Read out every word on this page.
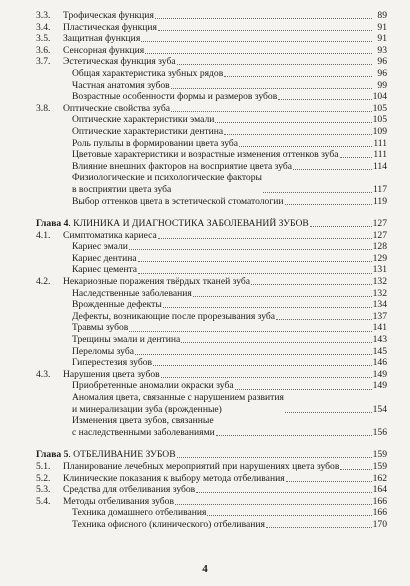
3.3.	Трофическая функция	89
3.4.	Пластическая функция	91
3.5.	Защитная функция	91
3.6.	Сенсорная функция	93
3.7.	Эстетическая функция зуба	96
Общая характеристика зубных рядов	96
Частная анатомия зубов	99
Возрастные особенности формы и размеров зубов	104
3.8.	Оптические свойства зуба	105
Оптические характеристики эмали	105
Оптические характеристики дентина	109
Роль пульпы в формировании цвета зуба	111
Цветовые характеристики и возрастные изменения оттенков зуба	111
Влияние внешних факторов на восприятие цвета зуба	114
Физиологические и психологические факторы
в восприятии цвета зуба	117
Выбор оттенков цвета в эстетической стоматологии	119
Глава 4. КЛИНИКА И ДИАГНОСТИКА ЗАБОЛЕВАНИЙ ЗУБОВ	127
4.1.	Симптоматика кариеса	127
Кариес эмали	128
Кариес дентина	129
Кариес цемента	131
4.2.	Некариозные поражения твёрдых тканей зуба	132
Наследственные заболевания	132
Врожденные дефекты	134
Дефекты, возникающие после прорезывания зуба	137
Травмы зубов	141
Трещины эмали и дентина	143
Переломы зуба	145
Гиперестезия зубов	146
4.3.	Нарушения цвета зубов	149
Приобретенные аномалии окраски зуба	149
Аномалия цвета, связанные с нарушением развития
и минерализации зуба (врожденные)	154
Изменения цвета зубов, связанные
с наследственными заболеваниями	156
Глава 5. ОТБЕЛИВАНИЕ ЗУБОВ	159
5.1.	Планирование лечебных мероприятий при нарушениях цвета зубов	159
5.2.	Клинические показания к выбору метода отбеливания	162
5.3.	Средства для отбеливания зубов	164
5.4.	Методы отбеливания зубов	166
Техника домашнего отбеливания	166
Техника офисного (клинического) отбеливания	170
4
